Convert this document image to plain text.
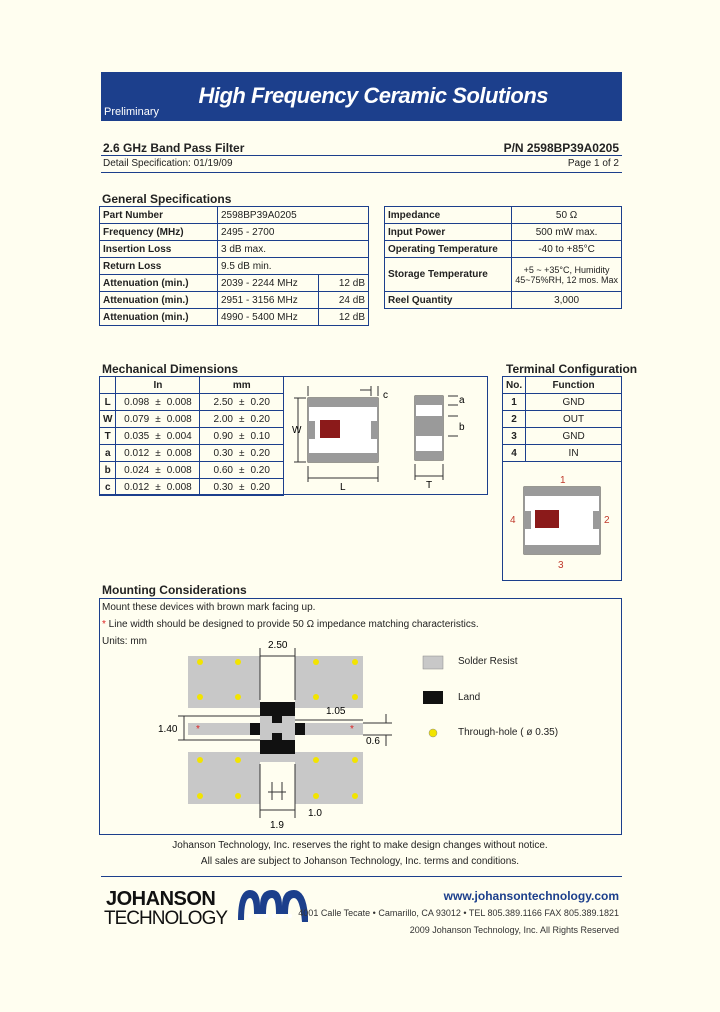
High Frequency Ceramic Solutions
Preliminary
2.6 GHz Band Pass Filter	P/N 2598BP39A0205
Detail Specification: 01/19/09	Page 1 of 2
General Specifications
Part Number	2598BP39A0205	
Frequency (MHz)	2495 - 2700	
Insertion Loss	3 dB max.	
Return Loss	9.5 dB min.	
Attenuation (min.)	2039 - 2244 MHz	12 dB
Attenuation (min.)	2951 - 3156 MHz	24 dB
Attenuation (min.)	4990 - 5400 MHz	12 dB
Impedance	50 Ω
Input Power	500 mW max.
Operating Temperature	-40 to +85°C
Storage Temperature	+5 ~ +35°C, Humidity
45~75%RH, 12 mos. Max

Reel Quantity	3,000
Mechanical Dimensions
	In	mm
L	0.098 ± 0.008	2.50 ± 0.20
W	0.079 ± 0.008	2.00 ± 0.20
T	0.035 ± 0.004	0.90 ± 0.10
a	0.012 ± 0.008	0.30 ± 0.20
b	0.024 ± 0.008	0.60 ± 0.20
c	0.012 ± 0.008	0.30 ± 0.20
c
W
L
a
b
T
Terminal Configuration
No.	Function
1	GND
2	OUT
3	GND
4	IN
1
2
3
4
Mounting Considerations
Mount these devices with brown mark facing up.
* Line width should be designed to provide 50 Ω impedance matching characteristics.
Units: mm
*	*
2.50
1.05
1.40
0.6
1.9
1.0
Solder Resist
Land
Through-hole ( ø 0.35)
Johanson Technology, Inc. reserves the right to make design changes without notice.
All sales are subject to Johanson Technology, Inc. terms and conditions.
JOHANSON
TECHNOLOGY
www.johansontechnology.com
4001 Calle Tecate • Camarillo, CA 93012 • TEL 805.389.1166 FAX 805.389.1821
2009 Johanson Technology, Inc. All Rights Reserved
